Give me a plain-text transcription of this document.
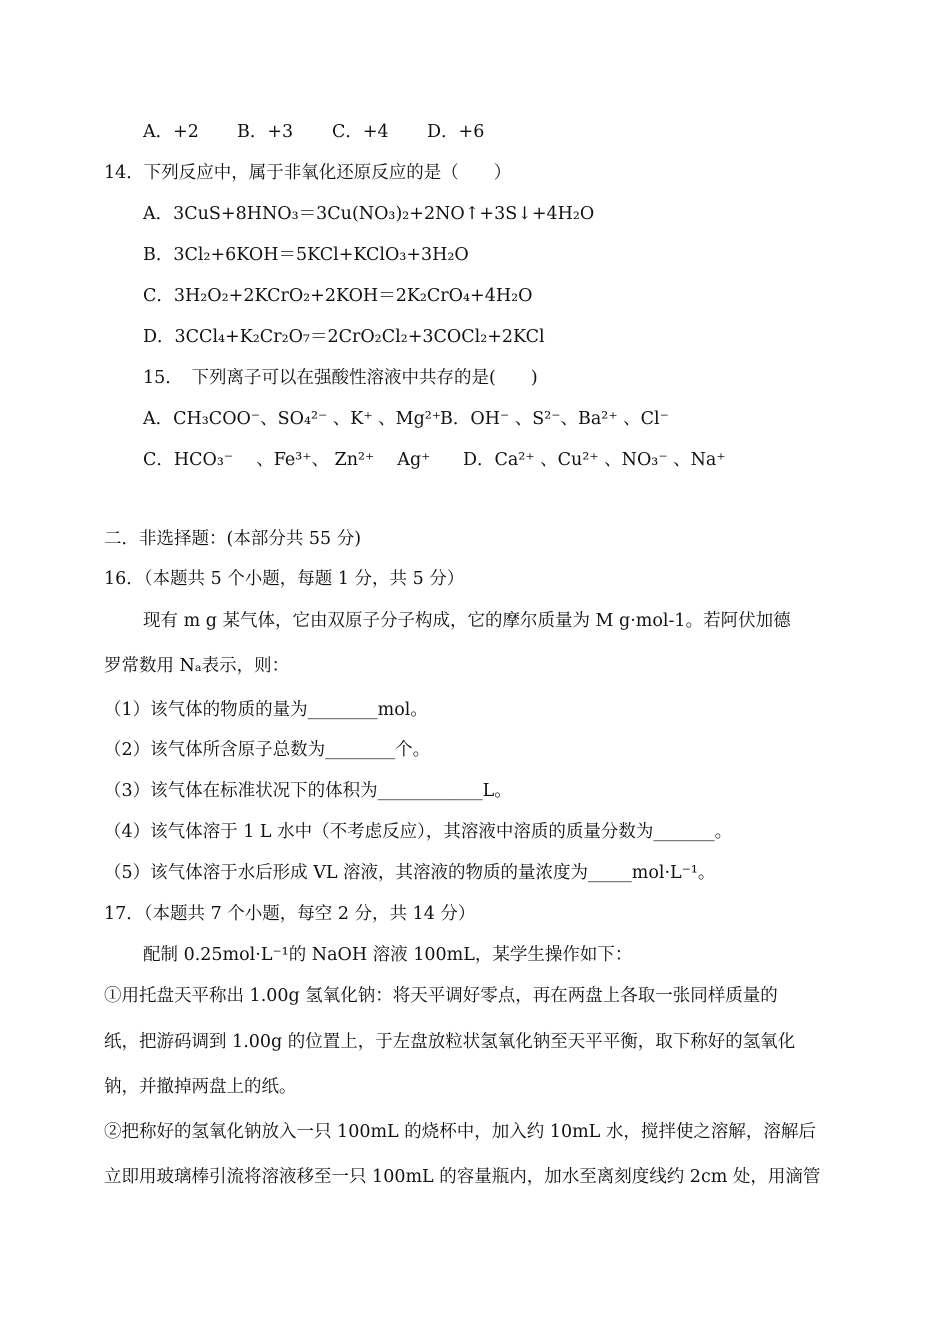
A．+2 B．+3 C．+4 D．+6
14．下列反应中，属于非氧化还原反应的是（　　）
A．3CuS+8HNO₃＝3Cu(NO₃)₂+2NO↑+3S↓+4H₂O
B．3Cl₂+6KOH＝5KCl+KClO₃+3H₂O
C．3H₂O₂+2KCrO₂+2KOH＝2K₂CrO₄+4H₂O
D．3CCl₄+K₂Cr₂O₇＝2CrO₂Cl₂+3COCl₂+2KCl
15．　下列离子可以在强酸性溶液中共存的是(　　)
A．CH₃COO⁻、SO₄²⁻ 、K⁺ 、Mg²⁺
B．OH⁻ 、S²⁻、Ba²⁺ 、Cl⁻
C．HCO₃⁻ 　、Fe³⁺、 Zn²⁺ 　Ag⁺ D．Ca²⁺ 、Cu²⁺ 、NO₃⁻ 、Na⁺
二．非选择题：(本部分共 55 分)
16．（本题共 5 个小题，每题 1 分，共 5 分）
现有 m g 某气体，它由双原子分子构成，它的摩尔质量为 M g·mol-1。若阿伏加德
罗常数用 Nₐ表示，则：
（1）该气体的物质的量为________mol。
（2）该气体所含原子总数为________个。
（3）该气体在标准状况下的体积为____________L。
（4）该气体溶于 1 L 水中（不考虑反应），其溶液中溶质的质量分数为_______。
（5）该气体溶于水后形成 VL 溶液，其溶液的物质的量浓度为_____mol·L⁻¹。
17．（本题共 7 个小题，每空 2 分，共 14 分）
配制 0.25mol·L⁻¹的 NaOH 溶液 100mL，某学生操作如下：
①用托盘天平称出 1.00g 氢氧化钠：将天平调好零点，再在两盘上各取一张同样质量的
纸，把游码调到 1.00g 的位置上，于左盘放粒状氢氧化钠至天平平衡，取下称好的氢氧化
钠，并撤掉两盘上的纸。
②把称好的氢氧化钠放入一只 100mL 的烧杯中，加入约 10mL 水，搅拌使之溶解，溶解后
立即用玻璃棒引流将溶液移至一只 100mL 的容量瓶内，加水至离刻度线约 2cm 处，用滴管
